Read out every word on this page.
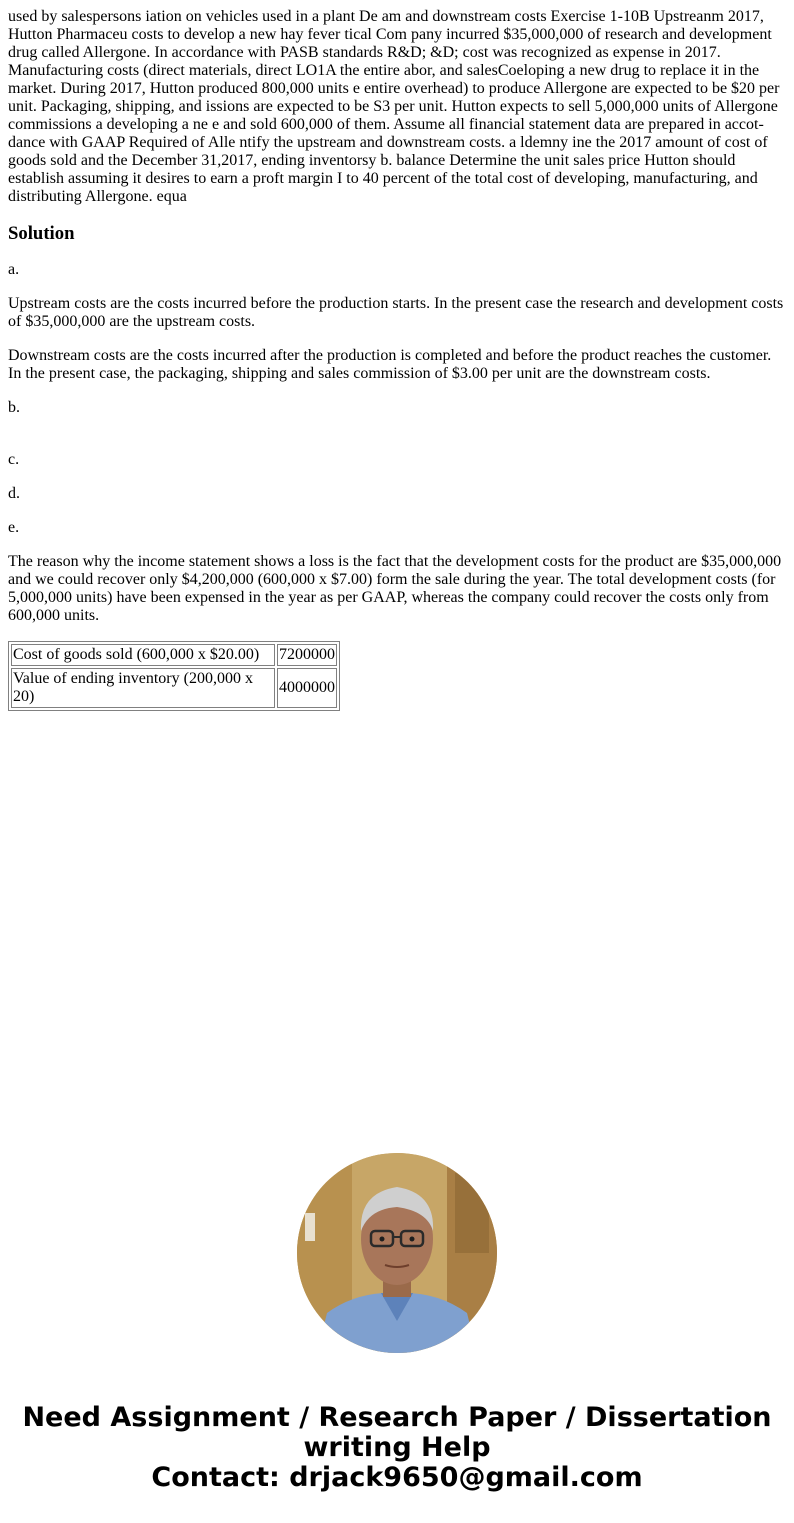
used by salespersons iation on vehicles used in a plant De am and downstream costs Exercise 1-10B Upstreanm 2017, Hutton Pharmaceu costs to develop a new hay fever tical Com pany incurred $35,000,000 of research and development drug called Allergone. In accordance with PASB standards R&D; &D; cost was recognized as expense in 2017. Manufacturing costs (direct materials, direct LO1A the entire abor, and salesCoeloping a new drug to replace it in the market. During 2017, Hutton produced 800,000 units e entire overhead) to produce Allergone are expected to be $20 per unit. Packaging, shipping, and issions are expected to be S3 per unit. Hutton expects to sell 5,000,000 units of Allergone commissions a developing a ne e and sold 600,000 of them. Assume all financial statement data are prepared in accot- dance with GAAP Required of Alle ntify the upstream and downstream costs. a ldemny ine the 2017 amount of cost of goods sold and the December 31,2017, ending inventorsy b. balance Determine the unit sales price Hutton should establish assuming it desires to earn a proft margin I to 40 percent of the total cost of developing, manufacturing, and distributing Allergone. equa

Solution

a.

Upstream costs are the costs incurred before the production starts. In the present case the research and development costs of $35,000,000 are the upstream costs.

Downstream costs are the costs incurred after the production is completed and before the product reaches the customer. In the present case, the packaging, shipping and sales commission of $3.00 per unit are the downstream costs.

b.

c.

d.

e.

The reason why the income statement shows a loss is the fact that the development costs for the product are $35,000,000 and we could recover only $4,200,000 (600,000 x $7.00) form the sale during the year. The total development costs (for 5,000,000 units) have been expensed in the year as per GAAP, whereas the company could recover the costs only from 600,000 units.

Cost of goods sold (600,000 x $20.00)	7200000
Value of ending inventory (200,000 x 20)	4000000
Need Assignment / Research Paper / Dissertation
writing Help
Contact: drjack9650@gmail.com
